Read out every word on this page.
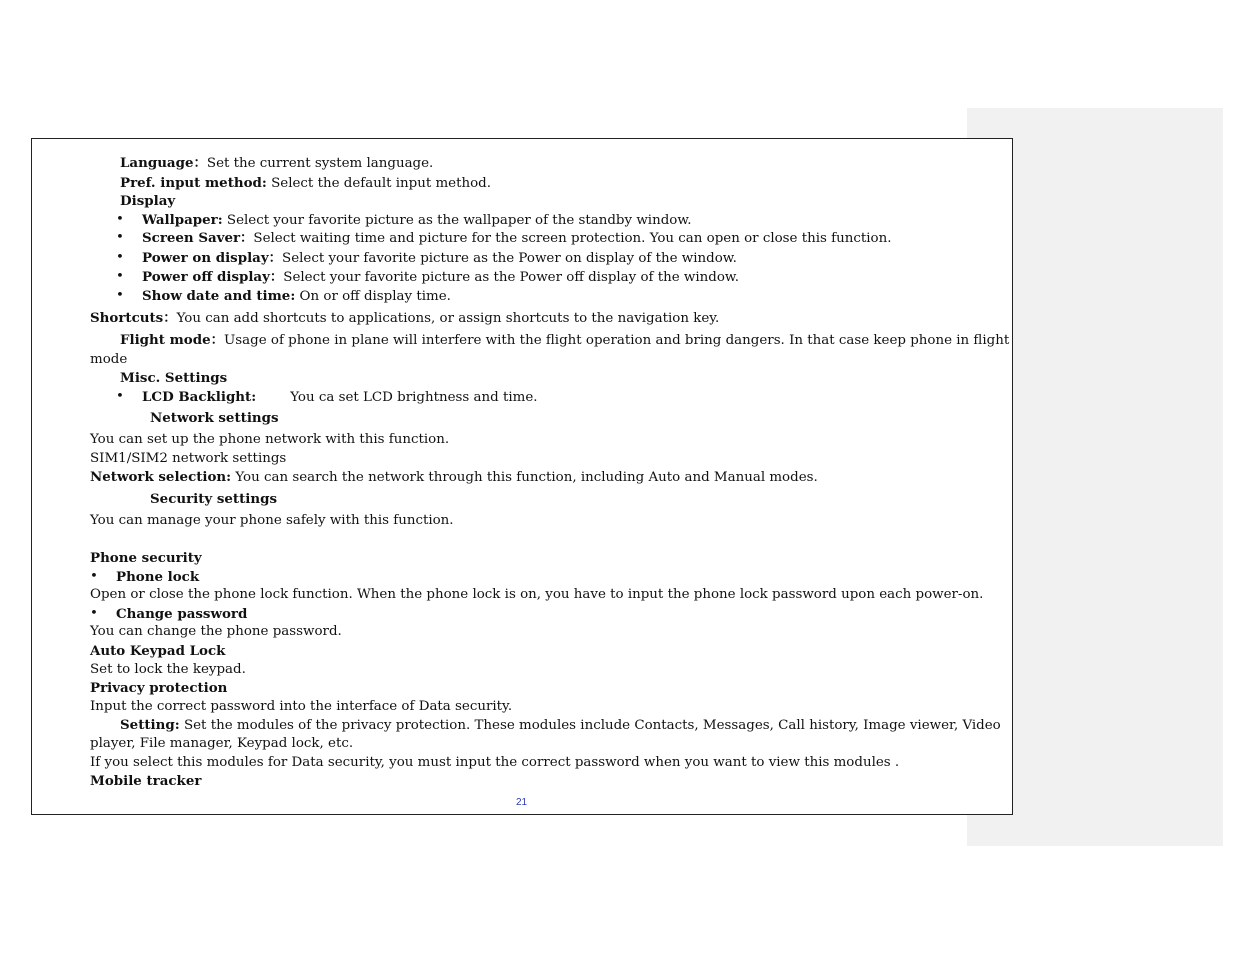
Language：Set the current system language.
Pref. input method: Select the default input method.
Display
• Wallpaper: Select your favorite picture as the wallpaper of the standby window.
• Screen Saver：Select waiting time and picture for the screen protection. You can open or close this function.
• Power on display：Select your favorite picture as the Power on display of the window.
• Power off display：Select your favorite picture as the Power off display of the window.
• Show date and time: On or off display time.
Shortcuts：You can add shortcuts to applications, or assign shortcuts to the navigation key.
Flight mode：Usage of phone in plane will interfere with the flight operation and bring dangers. In that case keep phone in flight
mode
Misc. Settings
• LCD Backlight:        You ca set LCD brightness and time.
Network settings
You can set up the phone network with this function.
SIM1/SIM2 network settings
Network selection: You can search the network through this function, including Auto and Manual modes.
Security settings
You can manage your phone safely with this function.
Phone security
• Phone lock
Open or close the phone lock function. When the phone lock is on, you have to input the phone lock password upon each power-on.
• Change password
You can change the phone password.
Auto Keypad Lock
Set to lock the keypad.
Privacy protection
Input the correct password into the interface of Data security.
Setting: Set the modules of the privacy protection. These modules include Contacts, Messages, Call history, Image viewer, Video
player, File manager, Keypad lock, etc.
If you select this modules for Data security, you must input the correct password when you want to view this modules .
Mobile tracker
21
